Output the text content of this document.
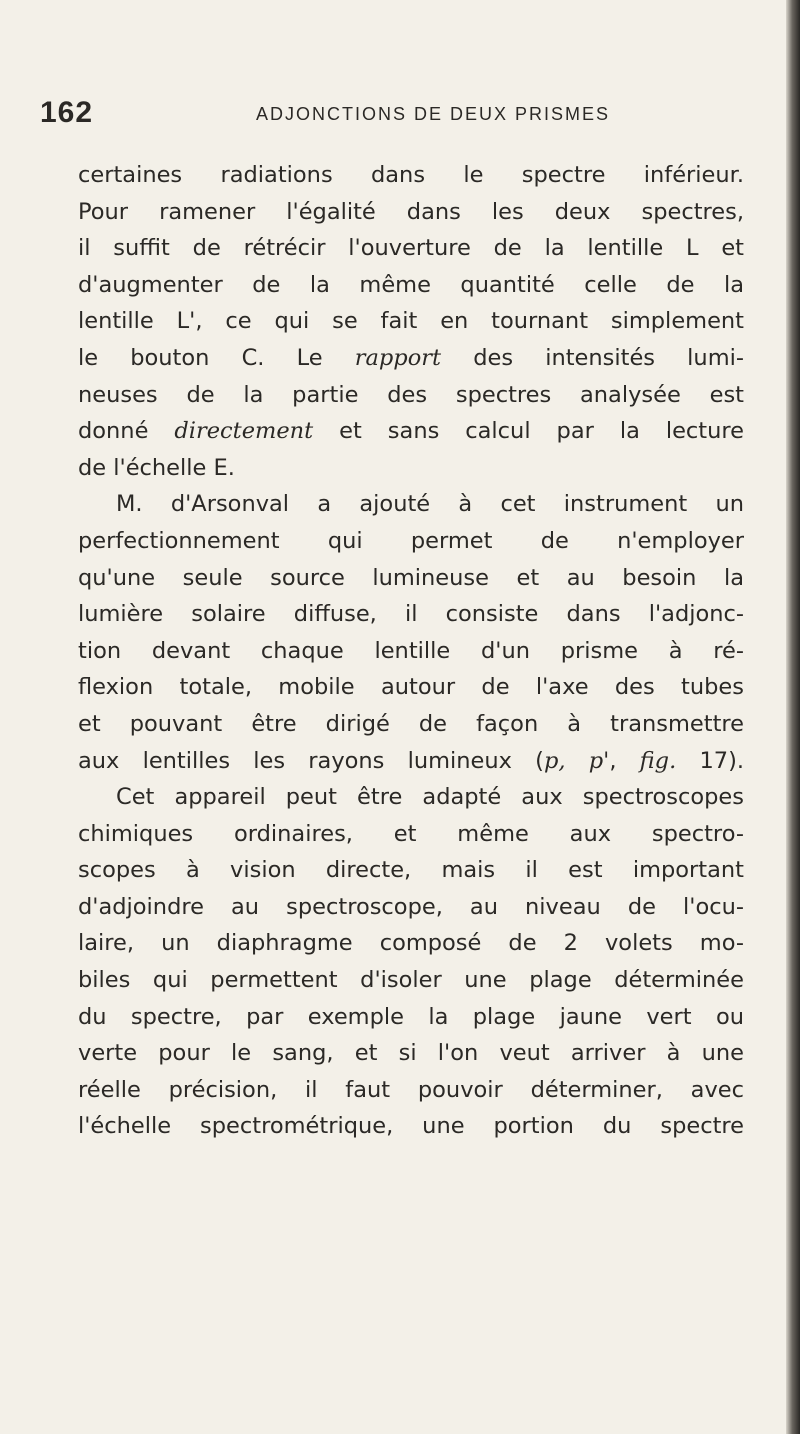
162	ADJONCTIONS DE DEUX PRISMES
certaines radiations dans le spectre inférieur.
Pour ramener l'égalité dans les deux spectres,
il suffit de rétrécir l'ouverture de la lentille L et
d'augmenter de la même quantité celle de la
lentille L', ce qui se fait en tournant simplement
le bouton C. Le rapport des intensités lumi-
neuses de la partie des spectres analysée est
donné directement et sans calcul par la lecture
de l'échelle E.
M. d'Arsonval a ajouté à cet instrument un
perfectionnement qui permet de n'employer
qu'une seule source lumineuse et au besoin la
lumière solaire diffuse, il consiste dans l'adjonc-
tion devant chaque lentille d'un prisme à ré-
flexion totale, mobile autour de l'axe des tubes
et pouvant être dirigé de façon à transmettre
aux lentilles les rayons lumineux (p, p', fig. 17).
Cet appareil peut être adapté aux spectroscopes
chimiques ordinaires, et même aux spectro-
scopes à vision directe, mais il est important
d'adjoindre au spectroscope, au niveau de l'ocu-
laire, un diaphragme composé de 2 volets mo-
biles qui permettent d'isoler une plage déterminée
du spectre, par exemple la plage jaune vert ou
verte pour le sang, et si l'on veut arriver à une
réelle précision, il faut pouvoir déterminer, avec
l'échelle spectrométrique, une portion du spectre
